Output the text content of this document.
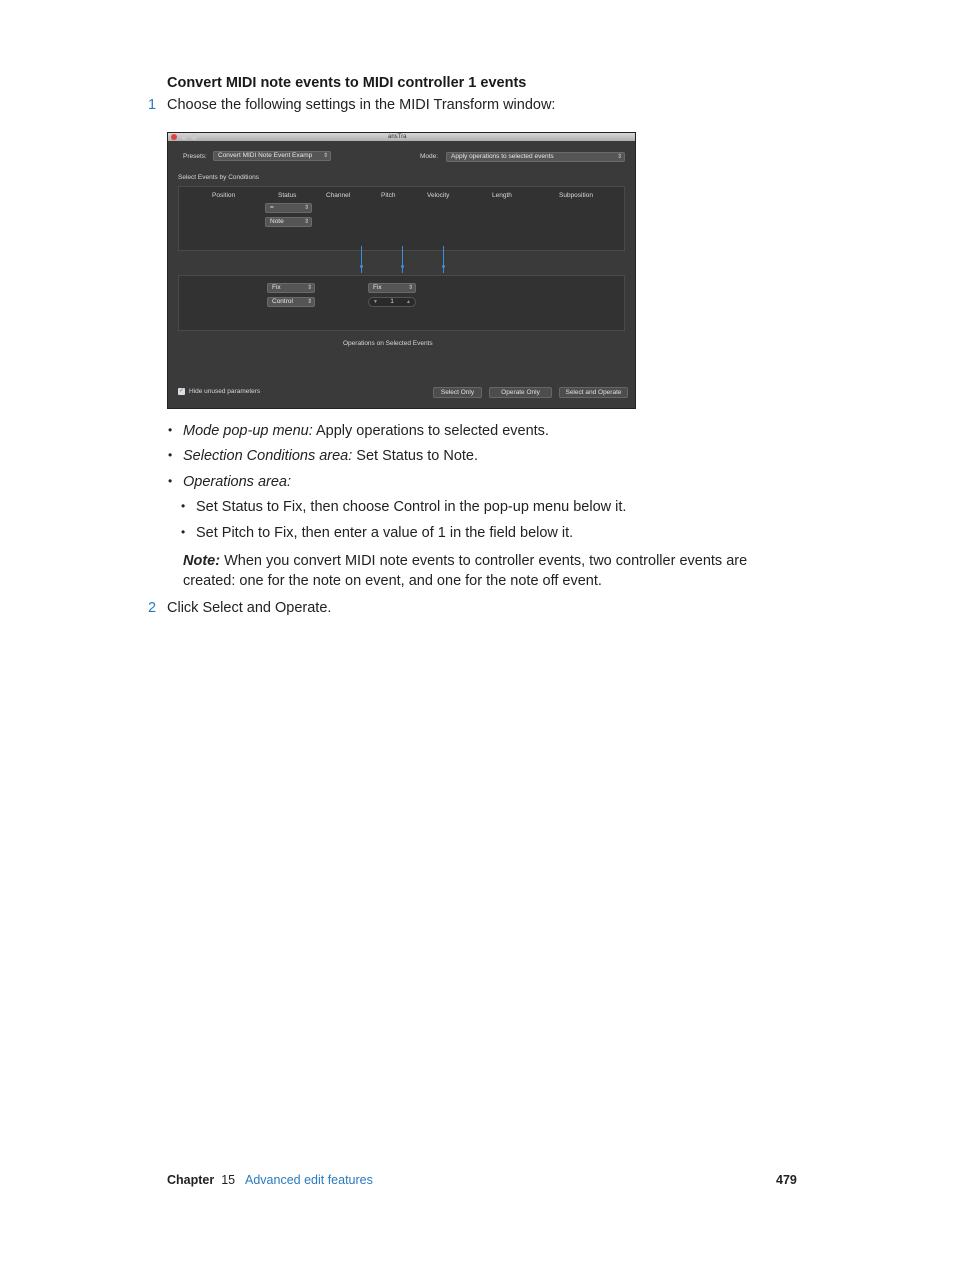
Convert MIDI note events to MIDI controller 1 events
1 Choose the following settings in the MIDI Transform window:
ansTra
Presets:	Convert MIDI Note Event Examp ⇕	Mode:	Apply operations to selected events	⇕
Select Events by Conditions
Position	Status	Channel	Pitch	Velocity	Length	Subposition
=	⇕
Note	⇕
Fix	⇕
Control ⇕
Fix	⇕
▼ 1 ▲
Operations on Selected Events
✓ Hide unused parameters	Select Only	Operate Only	Select and Operate
• Mode pop-up menu: Apply operations to selected events.
• Selection Conditions area: Set Status to Note.
• Operations area:
• Set Status to Fix, then choose Control in the pop-up menu below it.
• Set Pitch to Fix, then enter a value of 1 in the field below it.
Note: When you convert MIDI note events to controller events, two controller events are created: one for the note on event, and one for the note off event.
2 Click Select and Operate.
Chapter 15 Advanced edit features	479
